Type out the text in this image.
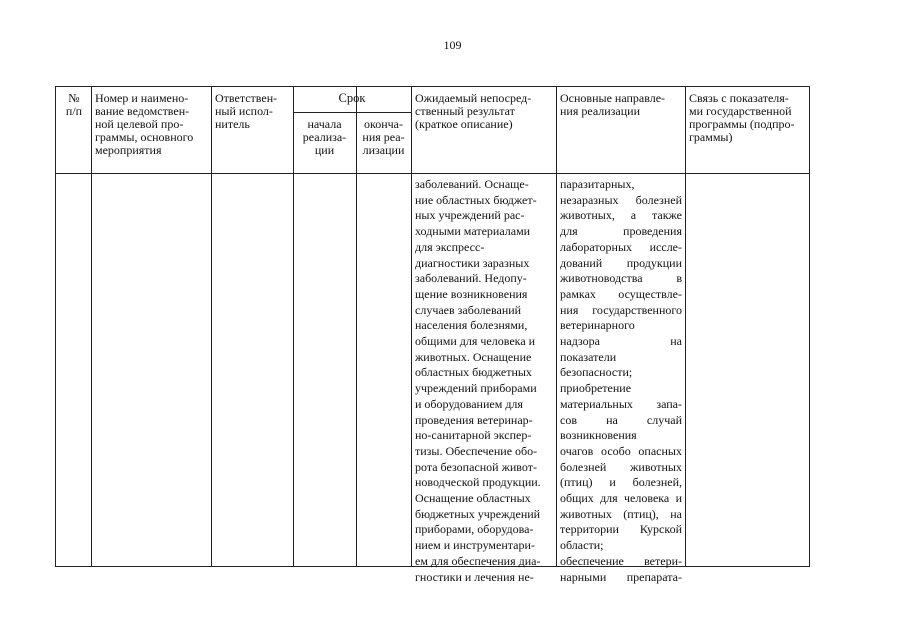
109
№
п/п
Номер и наимено-
вание ведомствен-
ной целевой про-
граммы, основного
мероприятия
Ответствен-
ный испол-
нитель
Срок
начала
реализа-
ции
оконча-
ния реа-
лизации
Ожидаемый непосред-
ственный результат
(краткое описание)
Основные направле-
ния реализации
Связь с показателя-
ми государственной
программы (подпро-
граммы)
заболеваний. Оснаще-
ние областных бюджет-
ных учреждений рас-
ходными материалами
для экспресс-
диагностики заразных
заболеваний. Недопу-
щение возникновения
случаев заболеваний
населения болезнями,
общими для человека и
животных. Оснащение
областных бюджетных
учреждений приборами
и оборудованием для
проведения ветеринар-
но-санитарной экспер-
тизы. Обеспечение обо-
рота безопасной живот-
новодческой продукции.
Оснащение областных
бюджетных учреждений
приборами, оборудова-
нием и инструментари-
ем для обеспечения диа-
гностики и лечения не-
паразитарных,
незаразных болезней
животных, а также
для проведения
лабораторных иссле-
дований продукции
животноводства в
рамках осуществле-
ния государственного
ветеринарного
надзора на
показатели
безопасности;
приобретение
материальных запа-
сов на случай
возникновения
очагов особо опасных
болезней животных
(птиц) и болезней,
общих для человека и
животных (птиц), на
территории Курской
области;
обеспечение ветери-
нарными препарата-
